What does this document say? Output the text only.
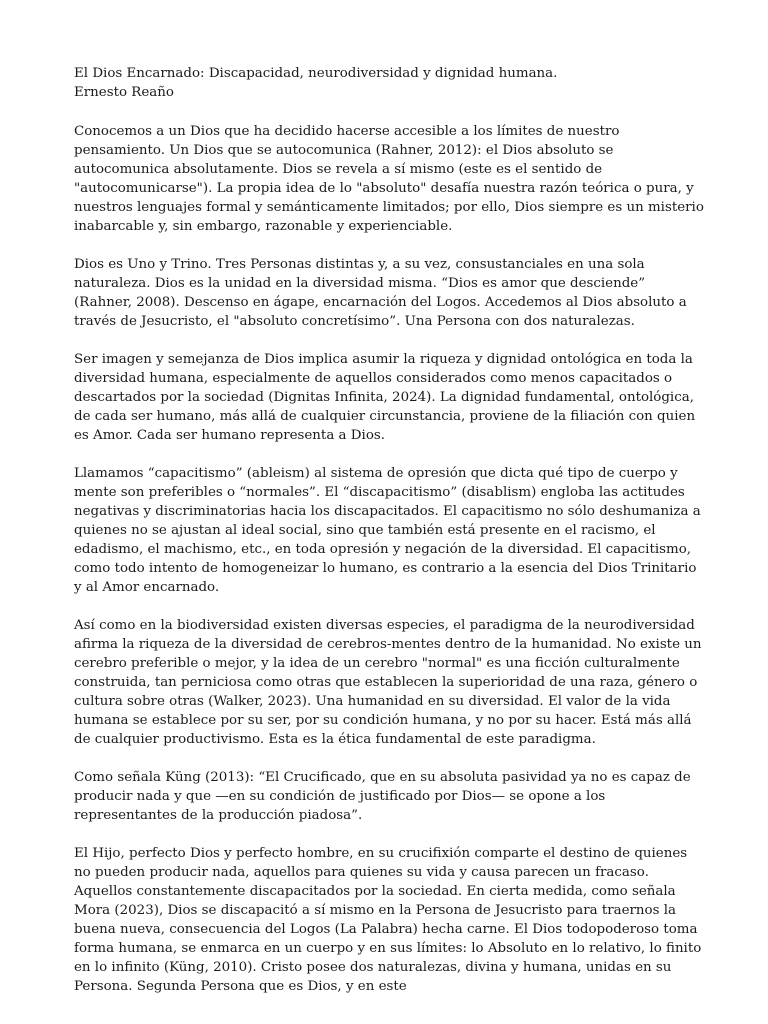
El Dios Encarnado: Discapacidad, neurodiversidad y dignidad humana.
Ernesto Reaño

Conocemos a un Dios que ha decidido hacerse accesible a los límites de nuestro pensamiento. Un Dios que se autocomunica (Rahner, 2012): el Dios absoluto se autocomunica absolutamente. Dios se revela a sí mismo (este es el sentido de "autocomunicarse"). La propia idea de lo "absoluto" desafía nuestra razón teórica o pura, y nuestros lenguajes formal y semánticamente limitados; por ello, Dios siempre es un misterio inabarcable y, sin embargo, razonable y experienciable.

Dios es Uno y Trino. Tres Personas distintas y, a su vez, consustanciales en una sola naturaleza. Dios es la unidad en la diversidad misma. “Dios es amor que desciende” (Rahner, 2008). Descenso en ágape, encarnación del Logos. Accedemos al Dios absoluto a través de Jesucristo, el "absoluto concretísimo”. Una Persona con dos naturalezas.

Ser imagen y semejanza de Dios implica asumir la riqueza y dignidad ontológica en toda la diversidad humana, especialmente de aquellos considerados como menos capacitados o descartados por la sociedad (Dignitas Infinita, 2024). La dignidad fundamental, ontológica, de cada ser humano, más allá de cualquier circunstancia, proviene de la filiación con quien es Amor. Cada ser humano representa a Dios.

Llamamos “capacitismo” (ableism) al sistema de opresión que dicta qué tipo de cuerpo y mente son preferibles o “normales”. El “discapacitismo” (disablism) engloba las actitudes negativas y discriminatorias hacia los discapacitados. El capacitismo no sólo deshumaniza a quienes no se ajustan al ideal social, sino que también está presente en el racismo, el edadismo, el machismo, etc., en toda opresión y negación de la diversidad. El capacitismo, como todo intento de homogeneizar lo humano, es contrario a la esencia del Dios Trinitario y al Amor encarnado.

Así como en la biodiversidad existen diversas especies, el paradigma de la neurodiversidad afirma la riqueza de la diversidad de cerebros-mentes dentro de la humanidad. No existe un cerebro preferible o mejor, y la idea de un cerebro "normal" es una ficción culturalmente construida, tan perniciosa como otras que establecen la superioridad de una raza, género o cultura sobre otras (Walker, 2023). Una humanidad en su diversidad. El valor de la vida humana se establece por su ser, por su condición humana, y no por su hacer. Está más allá de cualquier productivismo. Esta es la ética fundamental de este paradigma.

Como señala Küng (2013): “El Crucificado, que en su absoluta pasividad ya no es capaz de producir nada y que —en su condición de justificado por Dios— se opone a los representantes de la producción piadosa”.

El Hijo, perfecto Dios y perfecto hombre, en su crucifixión comparte el destino de quienes no pueden producir nada, aquellos para quienes su vida y causa parecen un fracaso. Aquellos constantemente discapacitados por la sociedad. En cierta medida, como señala Mora (2023), Dios se discapacitó a sí mismo en la Persona de Jesucristo para traernos la buena nueva, consecuencia del Logos (La Palabra) hecha carne. El Dios todopoderoso toma forma humana, se enmarca en un cuerpo y en sus límites: lo Absoluto en lo relativo, lo finito en lo infinito (Küng, 2010). Cristo posee dos naturalezas, divina y humana, unidas en su Persona. Segunda Persona que es Dios, y en este
